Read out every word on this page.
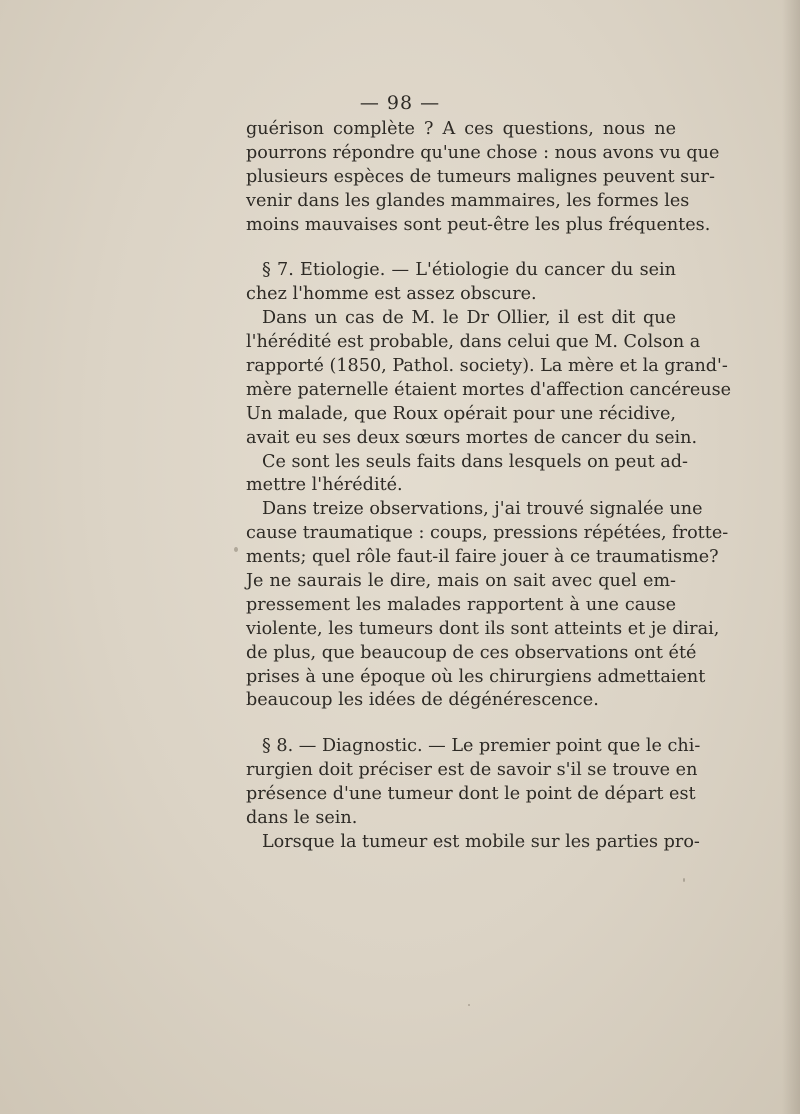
— 98 —
guérison complète ? A ces questions, nous ne
pourrons répondre qu'une chose : nous avons vu que
plusieurs espèces de tumeurs malignes peuvent sur-
venir dans les glandes mammaires, les formes les
moins mauvaises sont peut-être les plus fréquentes.
§ 7. Etiologie. — L'étiologie du cancer du sein
chez l'homme est assez obscure.
Dans un cas de M. le Dr Ollier, il est dit que
l'hérédité est probable, dans celui que M. Colson a
rapporté (1850, Pathol. society). La mère et la grand'-
mère paternelle étaient mortes d'affection cancéreuse
Un malade, que Roux opérait pour une récidive,
avait eu ses deux sœurs mortes de cancer du sein.
Ce sont les seuls faits dans lesquels on peut ad-
mettre l'hérédité.
Dans treize observations, j'ai trouvé signalée une
cause traumatique : coups, pressions répétées, frotte-
ments; quel rôle faut-il faire jouer à ce traumatisme?
Je ne saurais le dire, mais on sait avec quel em-
pressement les malades rapportent à une cause
violente, les tumeurs dont ils sont atteints et je dirai,
de plus, que beaucoup de ces observations ont été
prises à une époque où les chirurgiens admettaient
beaucoup les idées de dégénérescence.
§ 8. — Diagnostic. — Le premier point que le chi-
rurgien doit préciser est de savoir s'il se trouve en
présence d'une tumeur dont le point de départ est
dans le sein.
Lorsque la tumeur est mobile sur les parties pro-
